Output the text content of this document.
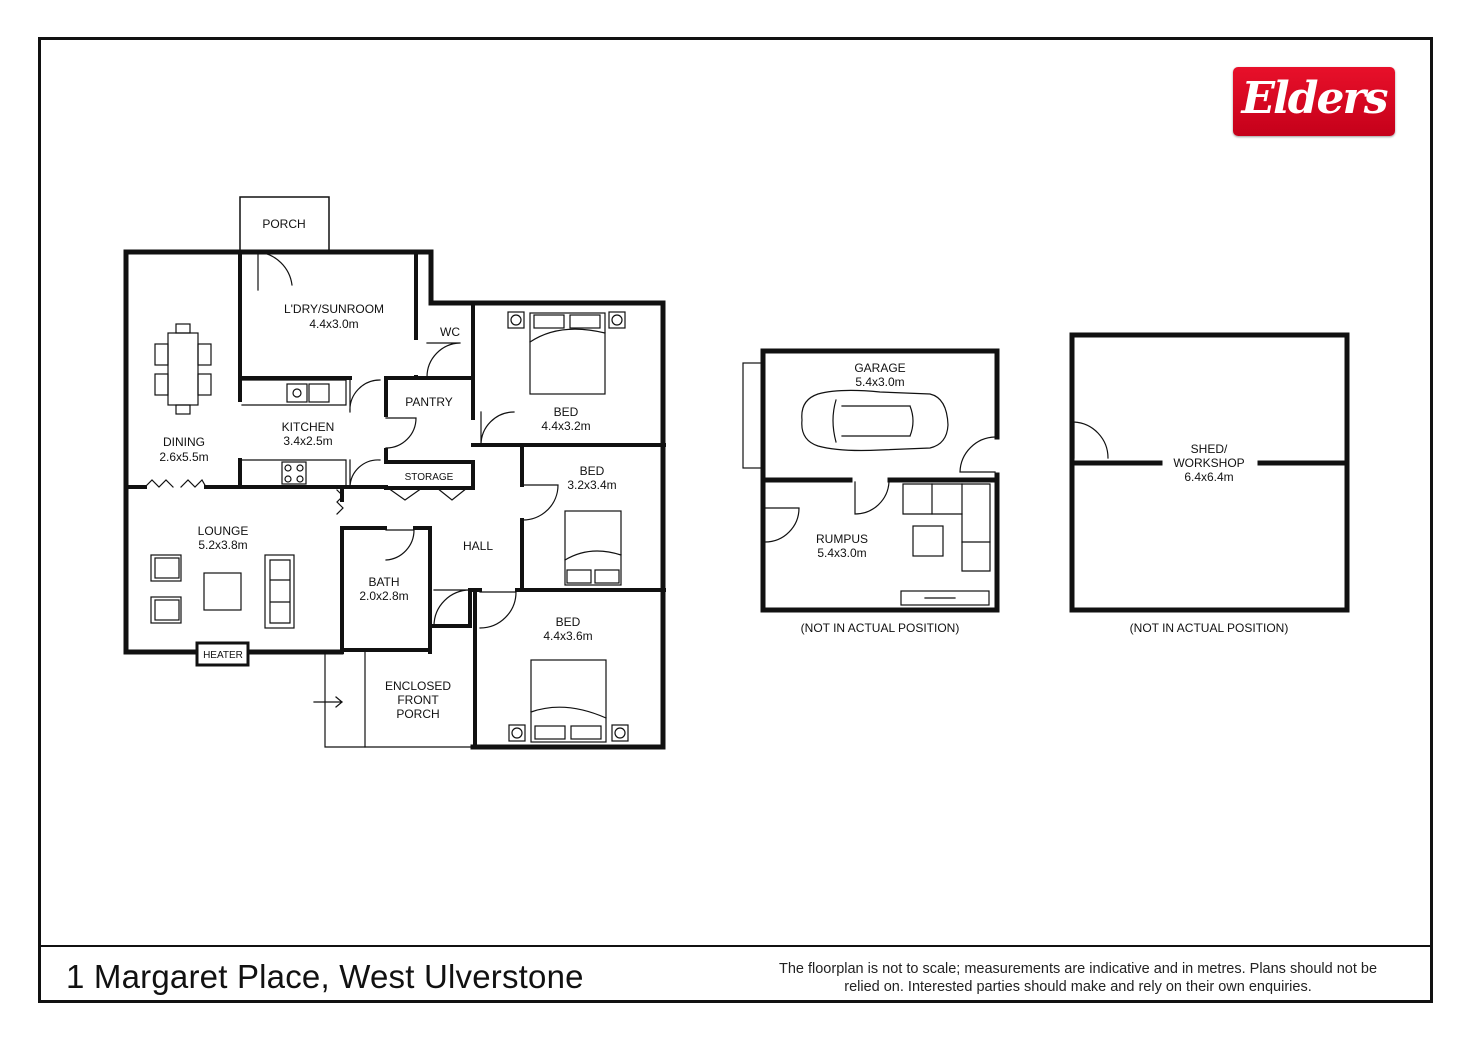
Elders
PORCH
L'DRY/SUNROOM
4.4x3.0m
WC
DINING
2.6x5.5m
KITCHEN
3.4x2.5m
PANTRY
STORAGE
BED
4.4x3.2m
BED
3.2x3.4m
BED
4.4x3.6m
LOUNGE
5.2x3.8m	HALL
BATH
2.0x2.8m
HEATER
ENCLOSED
FRONT
PORCH
GARAGE
5.4x3.0m
RUMPUS
5.4x3.0m
(NOT IN ACTUAL POSITION)
SHED/
WORKSHOP
6.4x6.4m
(NOT IN ACTUAL POSITION)
1 Margaret Place, West Ulverstone	The floorplan is not to scale; measurements are indicative and in metres. Plans should not be relied on. Interested parties should make and rely on their own enquiries.
